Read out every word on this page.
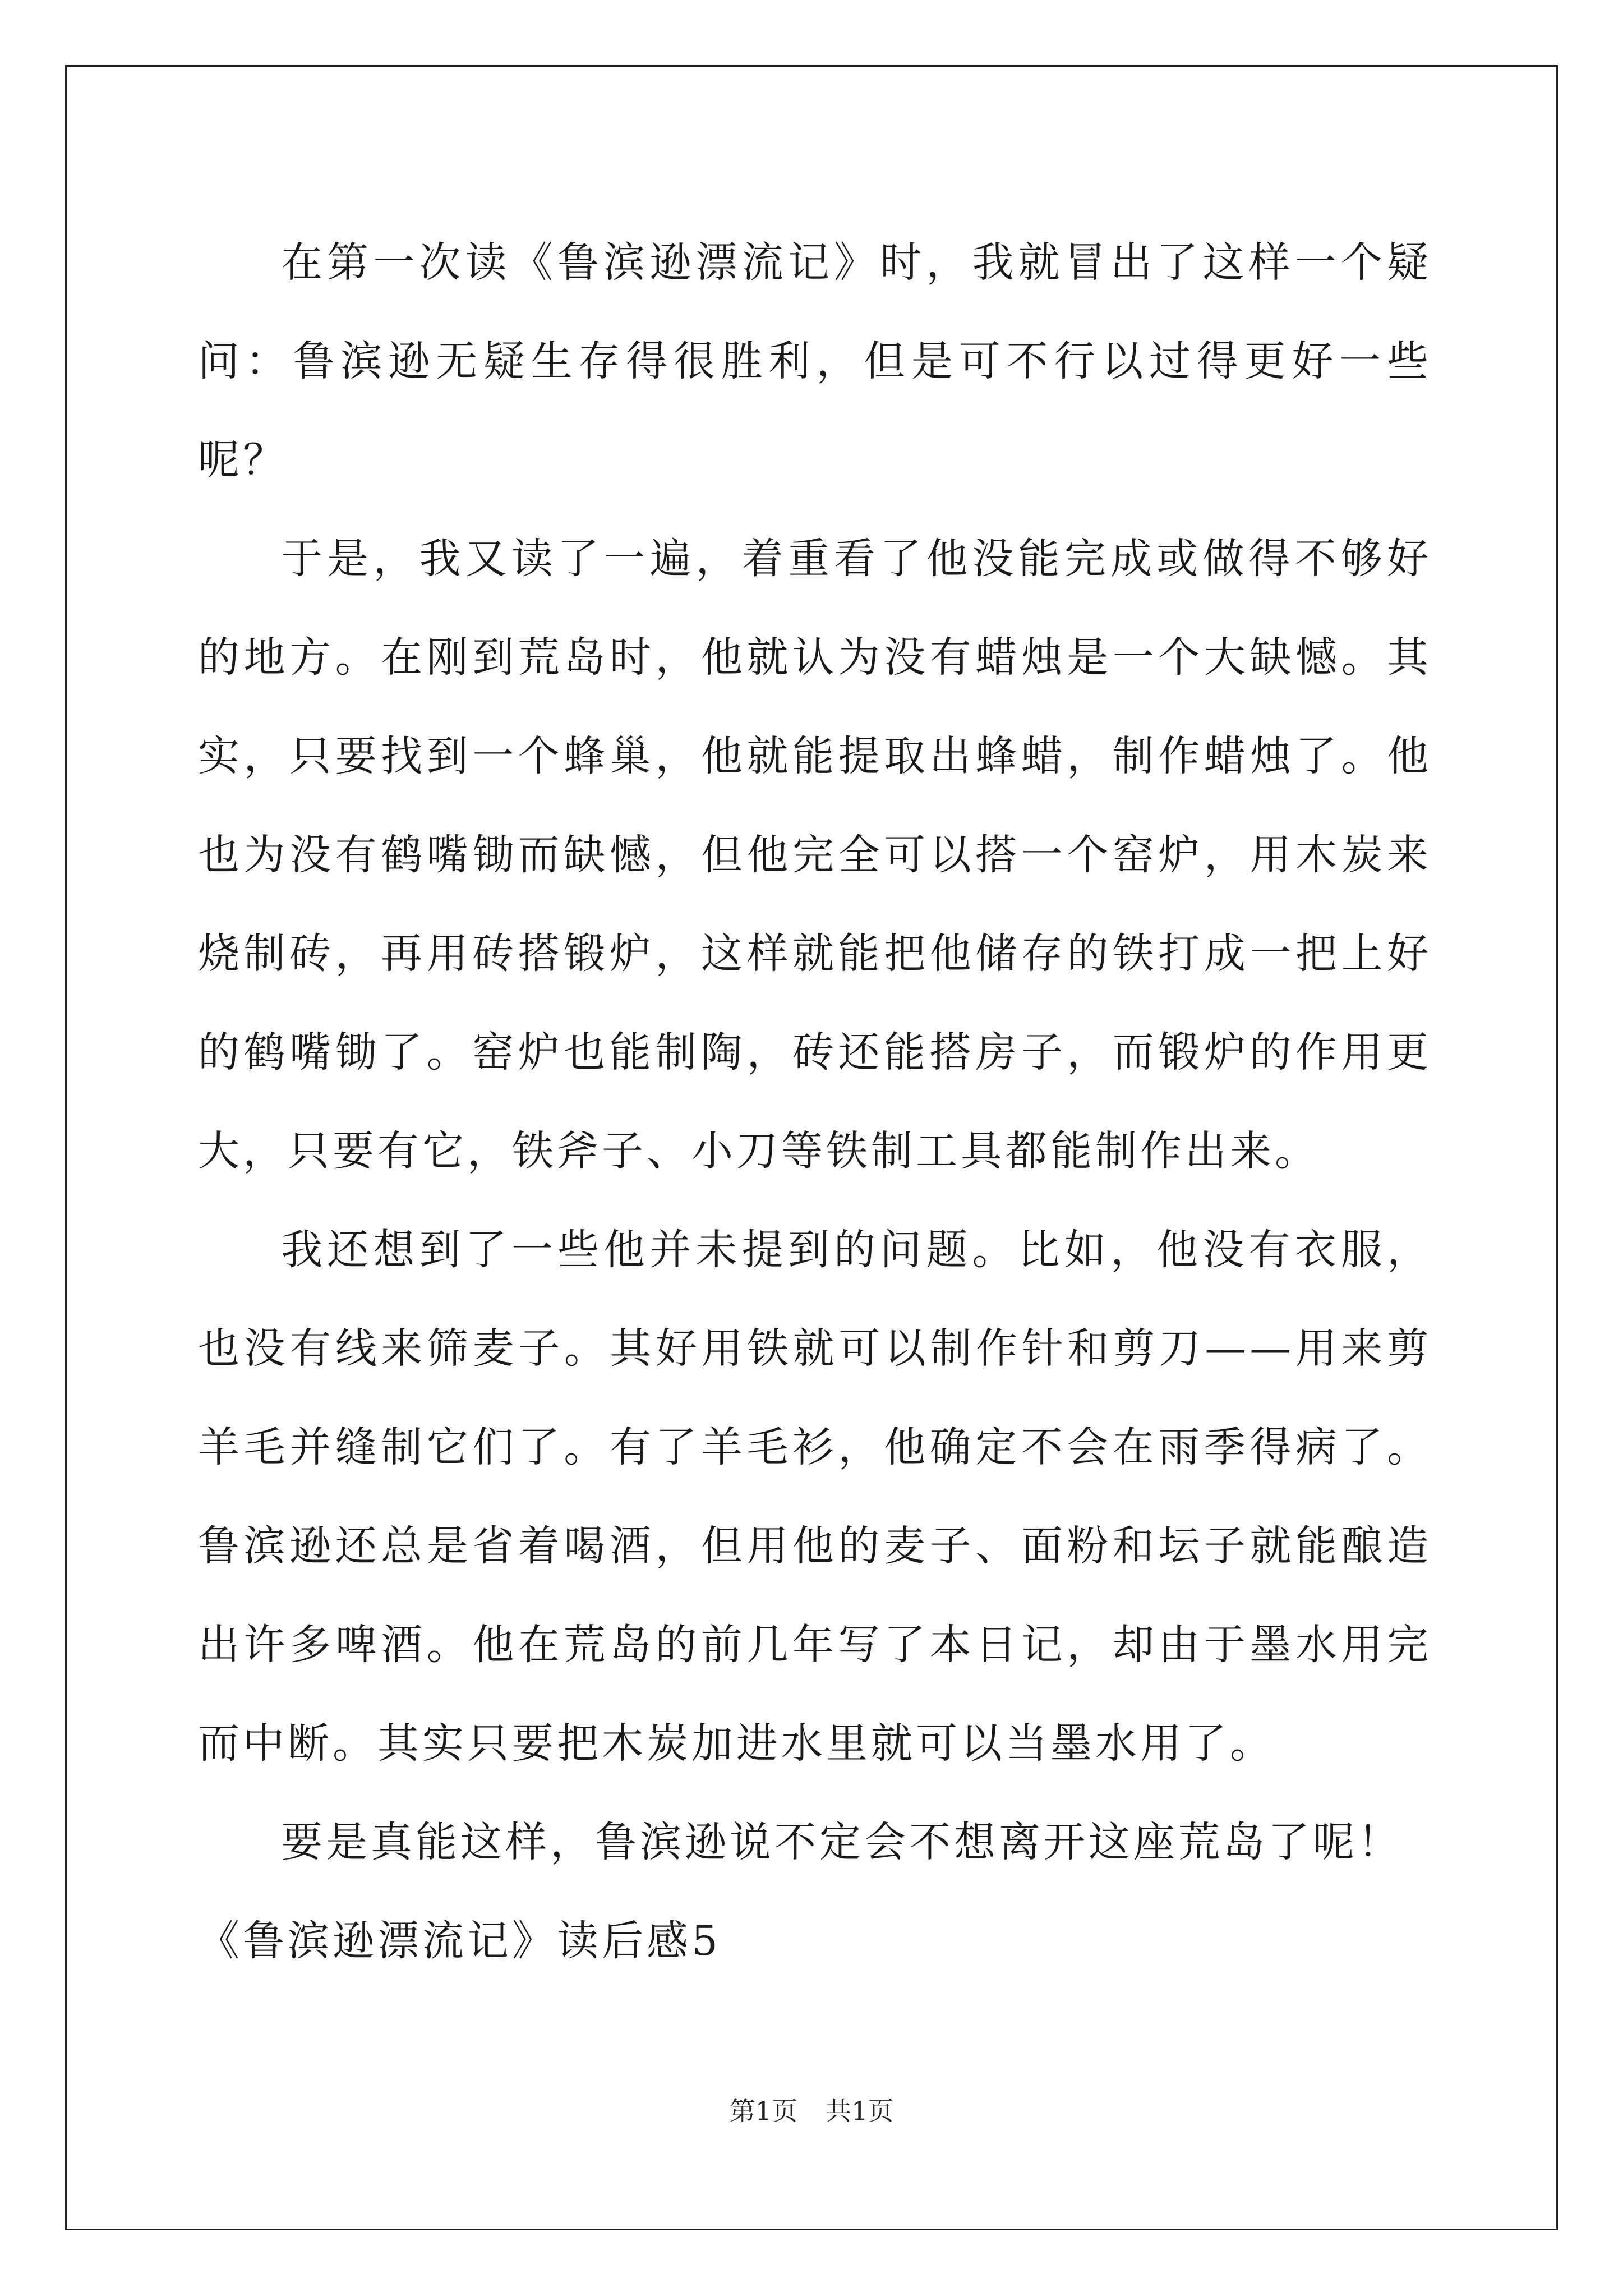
在第一次读《鲁滨逊漂流记》时，我就冒出了这样一个疑问：鲁滨逊无疑生存得很胜利，但是可不行以过得更好一些呢？

于是，我又读了一遍，着重看了他没能完成或做得不够好的地方。在刚到荒岛时，他就认为没有蜡烛是一个大缺憾。其实，只要找到一个蜂巢，他就能提取出蜂蜡，制作蜡烛了。他也为没有鹤嘴锄而缺憾，但他完全可以搭一个窑炉，用木炭来烧制砖，再用砖搭锻炉，这样就能把他储存的铁打成一把上好的鹤嘴锄了。窑炉也能制陶，砖还能搭房子，而锻炉的作用更大，只要有它，铁斧子、小刀等铁制工具都能制作出来。

我还想到了一些他并未提到的问题。比如，他没有衣服，也没有线来筛麦子。其好用铁就可以制作针和剪刀——用来剪羊毛并缝制它们了。有了羊毛衫，他确定不会在雨季得病了。鲁滨逊还总是省着喝酒，但用他的麦子、面粉和坛子就能酿造出许多啤酒。他在荒岛的前几年写了本日记，却由于墨水用完而中断。其实只要把木炭加进水里就可以当墨水用了。

要是真能这样，鲁滨逊说不定会不想离开这座荒岛了呢！

《鲁滨逊漂流记》读后感5

第1页 共1页
